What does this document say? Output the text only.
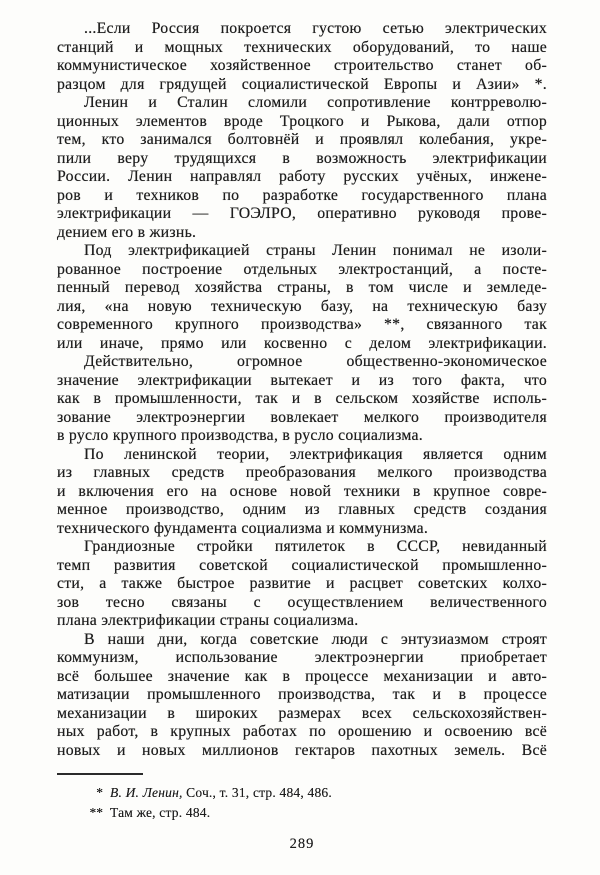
...Если Россия покроется густою сетью электрических
станций и мощных технических оборудований, то наше
коммунистическое хозяйственное строительство станет об-
разцом для грядущей социалистической Европы и Азии» *.
Ленин и Сталин сломили сопротивление контрреволю-
ционных элементов вроде Троцкого и Рыкова, дали отпор
тем, кто занимался болтовнёй и проявлял колебания, укре-
пили веру трудящихся в возможность электрификации
России. Ленин направлял работу русских учёных, инжене-
ров и техников по разработке государственного плана
электрификации — ГОЭЛРО, оперативно руководя прове-
дением его в жизнь.
Под электрификацией страны Ленин понимал не изоли-
рованное построение отдельных электростанций, а посте-
пенный перевод хозяйства страны, в том числе и земледе-
лия, «на новую техническую базу, на техническую базу
современного крупного производства» **, связанного так
или иначе, прямо или косвенно с делом электрификации.
Действительно, огромное общественно-экономическое
значение электрификации вытекает и из того факта, что
как в промышленности, так и в сельском хозяйстве исполь-
зование электроэнергии вовлекает мелкого производителя
в русло крупного производства, в русло социализма.
По ленинской теории, электрификация является одним
из главных средств преобразования мелкого производства
и включения его на основе новой техники в крупное совре-
менное производство, одним из главных средств создания
технического фундамента социализма и коммунизма.
Грандиозные стройки пятилеток в СССР, невиданный
темп развития советской социалистической промышленно-
сти, а также быстрое развитие и расцвет советских колхо-
зов тесно связаны с осуществлением величественного
плана электрификации страны социализма.
В наши дни, когда советские люди с энтузиазмом строят
коммунизм, использование электроэнергии приобретает
всё большее значение как в процессе механизации и авто-
матизации промышленного производства, так и в процессе
механизации в широких размерах всех сельскохозяйствен-
ных работ, в крупных работах по орошению и освоению всё
новых и новых миллионов гектаров пахотных земель. Всё
* В. И. Ленин, Соч., т. 31, стр. 484, 486.
** Там же, стр. 484.
289
